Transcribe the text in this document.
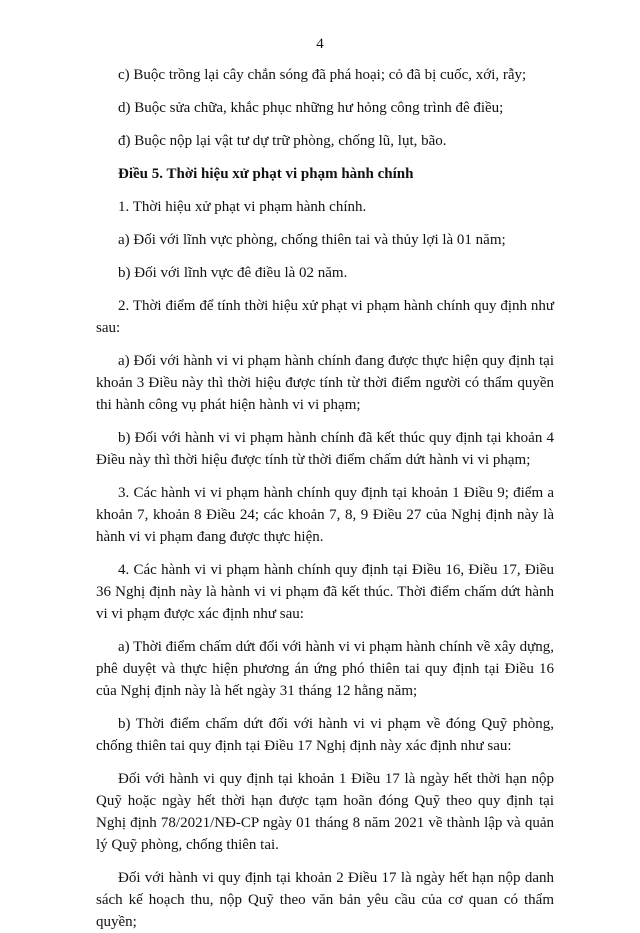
4

c) Buộc trồng lại cây chắn sóng đã phá hoại; cỏ đã bị cuốc, xới, rẫy;

d) Buộc sửa chữa, khắc phục những hư hỏng công trình đê điều;

đ) Buộc nộp lại vật tư dự trữ phòng, chống lũ, lụt, bão.

Điều 5. Thời hiệu xử phạt vi phạm hành chính

1. Thời hiệu xử phạt vi phạm hành chính.

a) Đối với lĩnh vực phòng, chống thiên tai và thủy lợi là 01 năm;

b) Đối với lĩnh vực đê điều là 02 năm.

2. Thời điểm để tính thời hiệu xử phạt vi phạm hành chính quy định như sau:

a) Đối với hành vi vi phạm hành chính đang được thực hiện quy định tại khoản 3 Điều này thì thời hiệu được tính từ thời điểm người có thẩm quyền thi hành công vụ phát hiện hành vi vi phạm;

b) Đối với hành vi vi phạm hành chính đã kết thúc quy định tại khoản 4 Điều này thì thời hiệu được tính từ thời điểm chấm dứt hành vi vi phạm;

3. Các hành vi vi phạm hành chính quy định tại khoản 1 Điều 9; điểm a khoản 7, khoản 8 Điều 24; các khoản 7, 8, 9 Điều 27 của Nghị định này là hành vi vi phạm đang được thực hiện.

4. Các hành vi vi phạm hành chính quy định tại Điều 16, Điều 17, Điều 36 Nghị định này là hành vi vi phạm đã kết thúc. Thời điểm chấm dứt hành vi vi phạm được xác định như sau:

a) Thời điểm chấm dứt đối với hành vi vi phạm hành chính về xây dựng, phê duyệt và thực hiện phương án ứng phó thiên tai quy định tại Điều 16 của Nghị định này là hết ngày 31 tháng 12 hằng năm;

b) Thời điểm chấm dứt đối với hành vi vi phạm về đóng Quỹ phòng, chống thiên tai quy định tại Điều 17 Nghị định này xác định như sau:

Đối với hành vi quy định tại khoản 1 Điều 17 là ngày hết thời hạn nộp Quỹ hoặc ngày hết thời hạn được tạm hoãn đóng Quỹ theo quy định tại Nghị định 78/2021/NĐ-CP ngày 01 tháng 8 năm 2021 về thành lập và quản lý Quỹ phòng, chống thiên tai.

Đối với hành vi quy định tại khoản 2 Điều 17 là ngày hết hạn nộp danh sách kế hoạch thu, nộp Quỹ theo văn bản yêu cầu của cơ quan có thẩm quyền;
